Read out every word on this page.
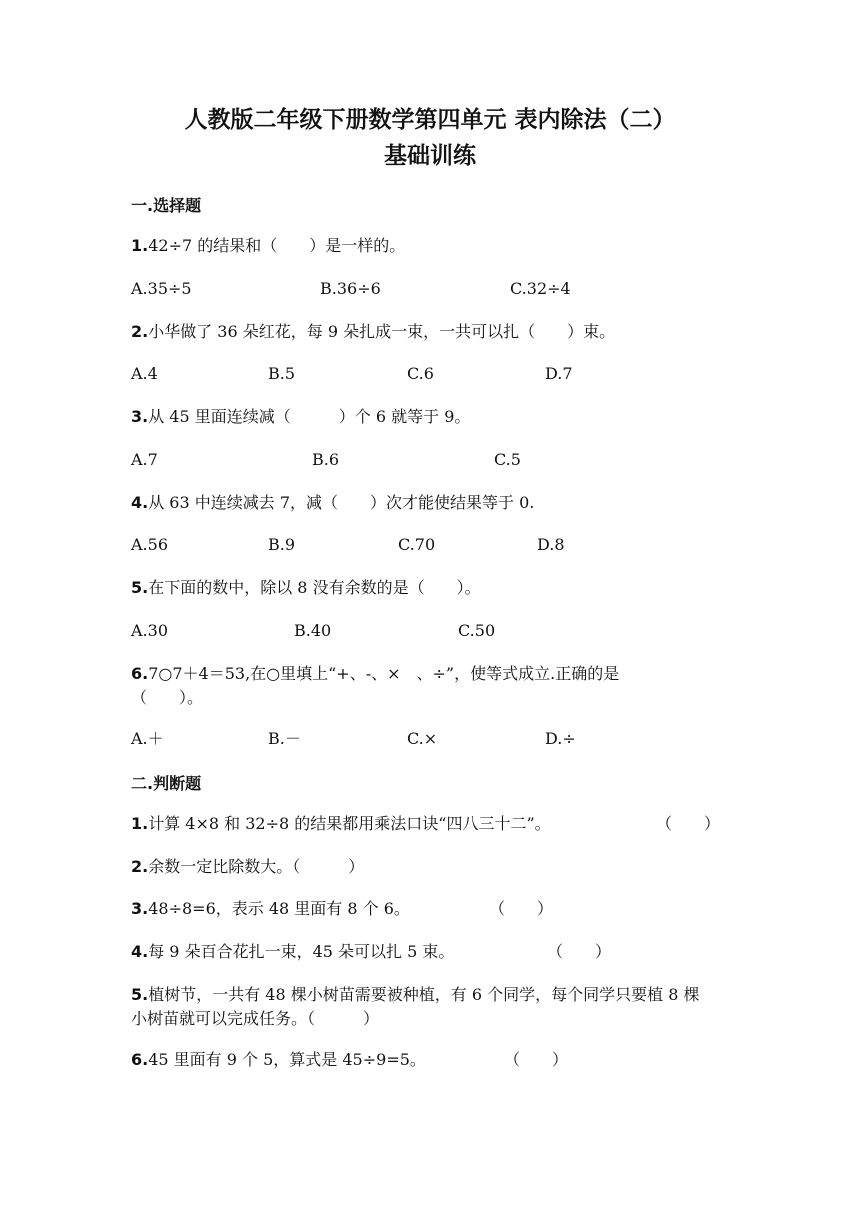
人教版二年级下册数学第四单元 表内除法（二）
基础训练
一.选择题
1.42÷7 的结果和（　　）是一样的。
A.35÷5	B.36÷6	C.32÷4
2.小华做了 36 朵红花，每 9 朵扎成一束，一共可以扎（　　）束。
A.4	B.5	C.6	D.7
3.从 45 里面连续减（　　　）个 6 就等于 9。
A.7	B.6	C.5
4.从 63 中连续减去 7，减（　　）次才能使结果等于 0.
A.56	B.9	C.70	D.8
5.在下面的数中，除以 8 没有余数的是（　　）。
A.30	B.40	C.50
6.7○7＋4＝53,在○里填上“+、-、×　、÷”，使等式成立.正确的是
（　　）。
A.＋	B.－	C.×	D.÷
二.判断题
1.计算 4×8 和 32÷8 的结果都用乘法口诀“四八三十二”。	（　　）
2.余数一定比除数大。（　　　）
3.48÷8=6，表示 48 里面有 8 个 6。	（　　）
4.每 9 朵百合花扎一束，45 朵可以扎 5 束。	（　　）
5.植树节，一共有 48 棵小树苗需要被种植，有 6 个同学，每个同学只要植 8 棵
小树苗就可以完成任务。（　　　）
6.45 里面有 9 个 5，算式是 45÷9=5。	（　　）
